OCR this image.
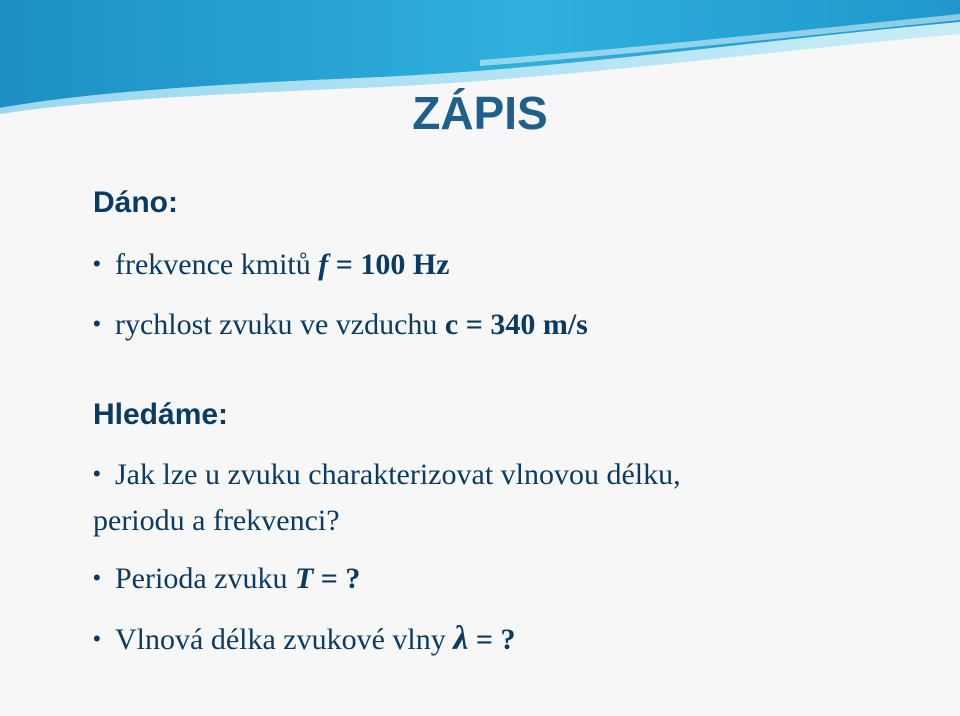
ZÁPIS
Dáno:
• frekvence kmitů f = 100 Hz
• rychlost zvuku ve vzduchu c = 340 m/s
Hledáme:
• Jak lze u zvuku charakterizovat vlnovou délku,
periodu a frekvenci?
• Perioda zvuku T = ?
• Vlnová délka zvukové vlny λ = ?
